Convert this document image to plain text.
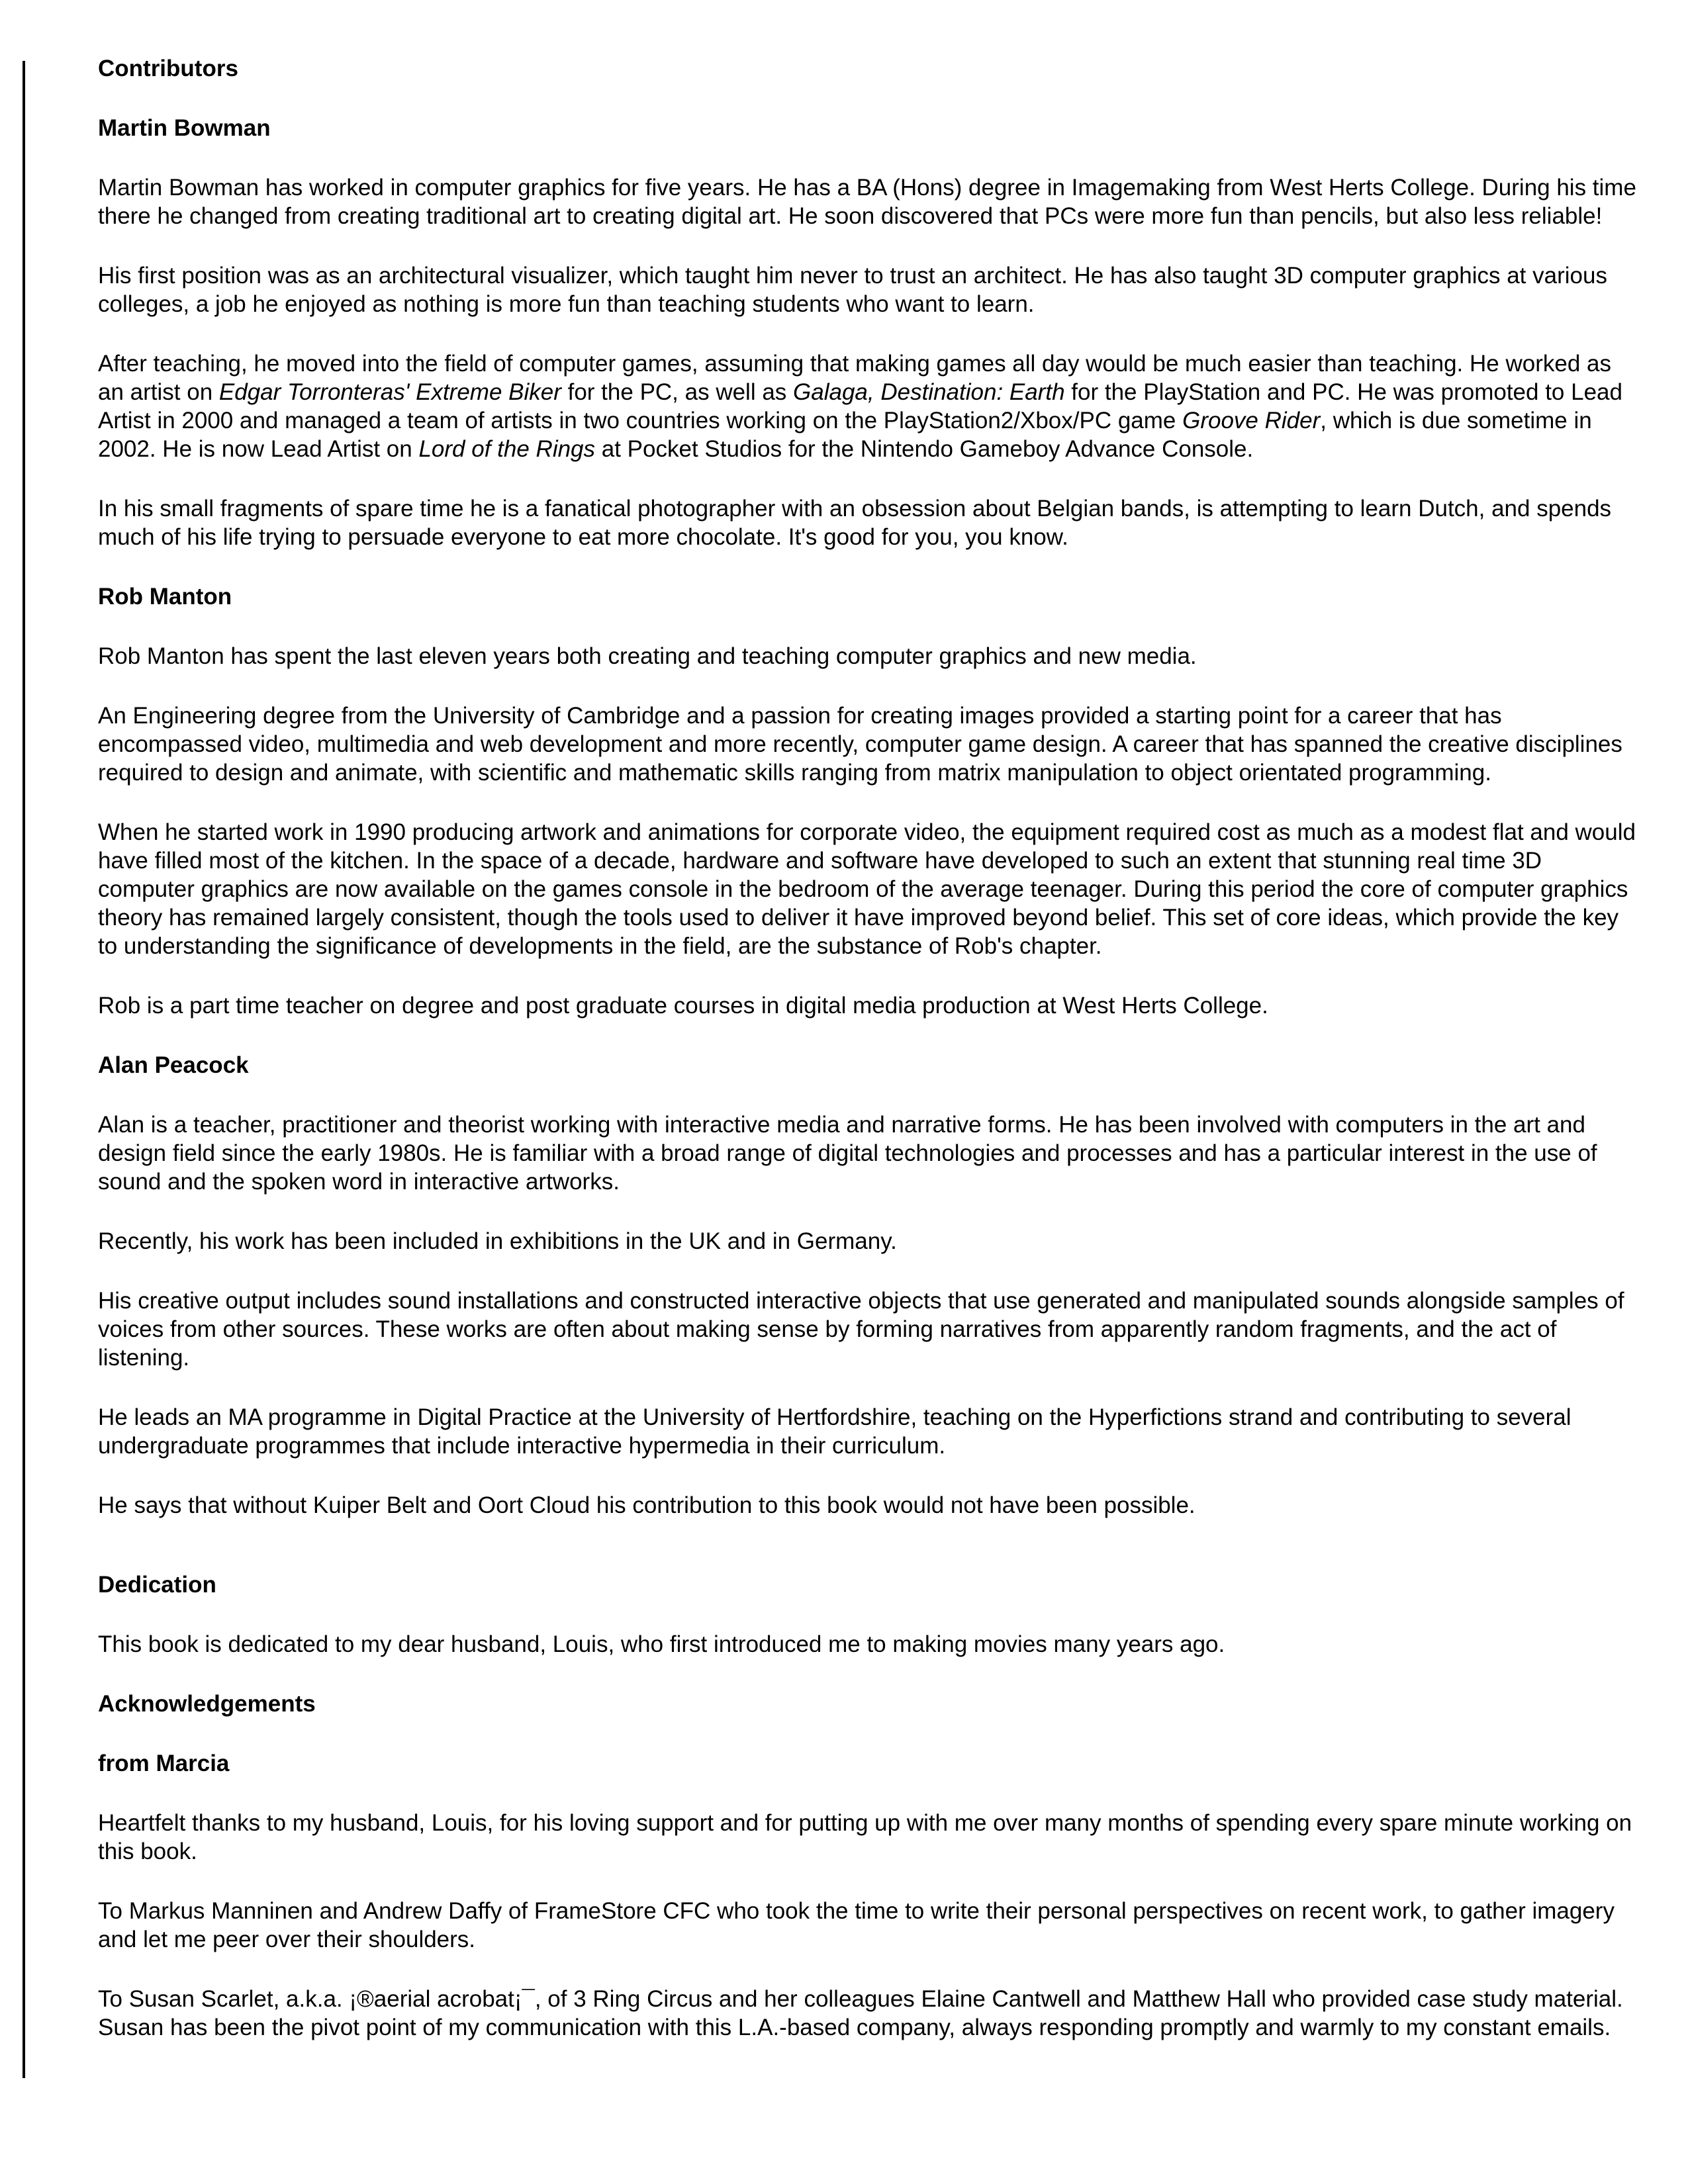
Contributors
Martin Bowman

Martin Bowman has worked in computer graphics for five years. He has a BA (Hons) degree in Imagemaking from West Herts College. During his time there he changed from creating traditional art to creating digital art. He soon discovered that PCs were more fun than pencils, but also less reliable!

His first position was as an architectural visualizer, which taught him never to trust an architect. He has also taught 3D computer graphics at various colleges, a job he enjoyed as nothing is more fun than teaching students who want to learn.

After teaching, he moved into the field of computer games, assuming that making games all day would be much easier than teaching. He worked as an artist on Edgar Torronteras' Extreme Biker for the PC, as well as Galaga, Destination: Earth for the PlayStation and PC. He was promoted to Lead Artist in 2000 and managed a team of artists in two countries working on the PlayStation2/Xbox/PC game Groove Rider, which is due sometime in 2002. He is now Lead Artist on Lord of the Rings at Pocket Studios for the Nintendo Gameboy Advance Console.

In his small fragments of spare time he is a fanatical photographer with an obsession about Belgian bands, is attempting to learn Dutch, and spends much of his life trying to persuade everyone to eat more chocolate. It's good for you, you know.

Rob Manton

Rob Manton has spent the last eleven years both creating and teaching computer graphics and new media.

An Engineering degree from the University of Cambridge and a passion for creating images provided a starting point for a career that has encompassed video, multimedia and web development and more recently, computer game design. A career that has spanned the creative disciplines required to design and animate, with scientific and mathematic skills ranging from matrix manipulation to object orientated programming.

When he started work in 1990 producing artwork and animations for corporate video, the equipment required cost as much as a modest flat and would have filled most of the kitchen. In the space of a decade, hardware and software have developed to such an extent that stunning real time 3D computer graphics are now available on the games console in the bedroom of the average teenager. During this period the core of computer graphics theory has remained largely consistent, though the tools used to deliver it have improved beyond belief. This set of core ideas, which provide the key to understanding the significance of developments in the field, are the substance of Rob's chapter.

Rob is a part time teacher on degree and post graduate courses in digital media production at West Herts College.

Alan Peacock

Alan is a teacher, practitioner and theorist working with interactive media and narrative forms. He has been involved with computers in the art and design field since the early 1980s. He is familiar with a broad range of digital technologies and processes and has a particular interest in the use of sound and the spoken word in interactive artworks.

Recently, his work has been included in exhibitions in the UK and in Germany.

His creative output includes sound installations and constructed interactive objects that use generated and manipulated sounds alongside samples of voices from other sources. These works are often about making sense by forming narratives from apparently random fragments, and the act of listening.

He leads an MA programme in Digital Practice at the University of Hertfordshire, teaching on the Hyperfictions strand and contributing to several undergraduate programmes that include interactive hypermedia in their curriculum.

He says that without Kuiper Belt and Oort Cloud his contribution to this book would not have been possible.

Dedication

This book is dedicated to my dear husband, Louis, who first introduced me to making movies many years ago.

Acknowledgements
from Marcia

Heartfelt thanks to my husband, Louis, for his loving support and for putting up with me over many months of spending every spare minute working on this book.

To Markus Manninen and Andrew Daffy of FrameStore CFC who took the time to write their personal perspectives on recent work, to gather imagery and let me peer over their shoulders.

To Susan Scarlet, a.k.a. ¡®aerial acrobat¡¯, of 3 Ring Circus and her colleagues Elaine Cantwell and Matthew Hall who provided case study material. Susan has been the pivot point of my communication with this L.A.-based company, always responding promptly and warmly to my constant emails.
